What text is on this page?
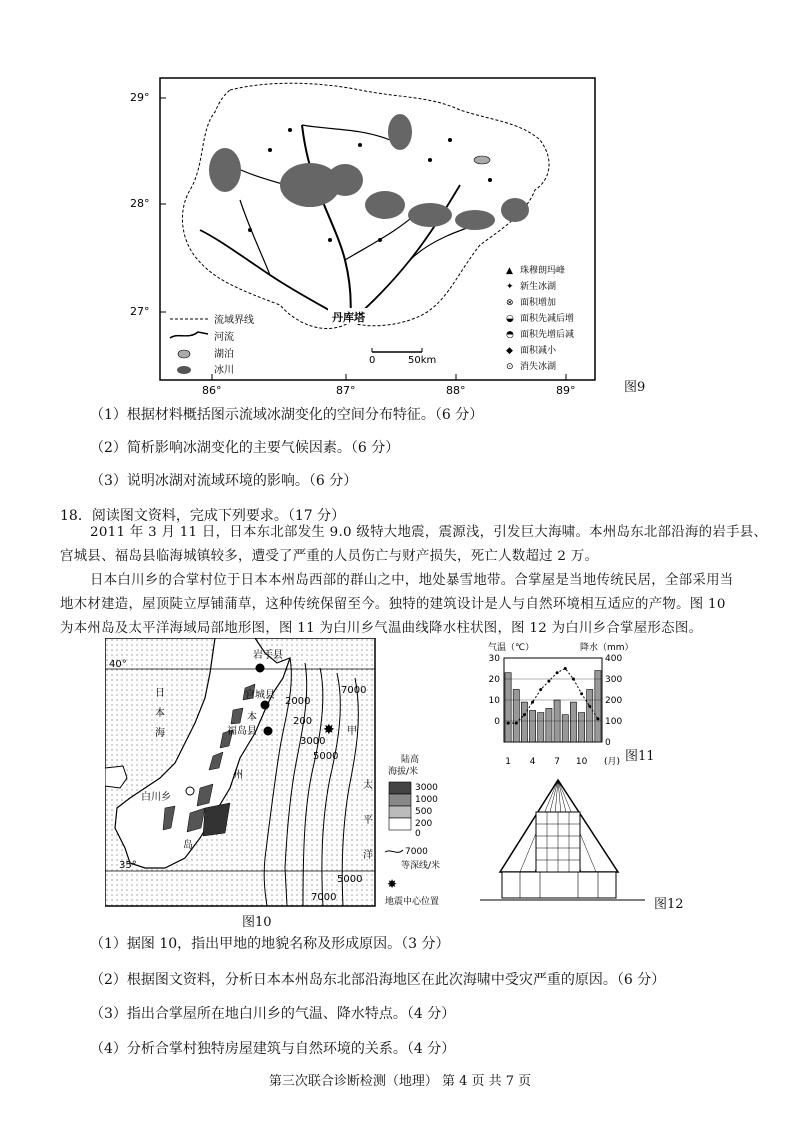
29°
28°
27°
86°	87°	88°	89°
丹库塔
0	50km
流域界线
河流
湖泊
冰川
▲ 珠穆朗玛峰
✦ 新生冰湖
⊗ 面积增加
◒ 面积先减后增
◓ 面积先增后减
◆ 面积减小
⊙ 消失冰湖
图9
（1）根据材料概括图示流域冰湖变化的空间分布特征。（6 分）
（2）简析影响冰湖变化的主要气候因素。（6 分）
（3）说明冰湖对流域环境的影响。（6 分）
18．阅读图文资料，完成下列要求。（17 分）
2011 年 3 月 11 日，日本东北部发生 9.0 级特大地震，震源浅，引发巨大海啸。本州岛东北部沿海的岩手县、
宫城县、福岛县临海城镇较多，遭受了严重的人员伤亡与财产损失，死亡人数超过 2 万。
日本白川乡的合掌村位于日本本州岛西部的群山之中，地处暴雪地带。合掌屋是当地传统民居，全部采用当
地木材建造，屋顶陡立厚铺蒲草，这种传统保留至今。独特的建筑设计是人与自然环境相互适应的产物。图 10
为本州岛及太平洋海域局部地形图，图 11 为白川乡气温曲线降水柱状图，图 12 为白川乡合掌屋形态图。
40°
35°
✸
岩手县
宫城县
福岛县
白川乡
日
本
海
本
州
岛
太
平
洋
甲
7000
2000
200
3000
5000
5000
7000
陆高
海拔/米
3000
1000
500
200
0
7000
等深线/米
✸
地震中心位置
图10
气温（℃）	降水（mm）
30
20
10
0
400
300
200
100
0
1 4 7 10 (月) 图11
图12
（1）据图 10，指出甲地的地貌名称及形成原因。（3 分）
（2）根据图文资料，分析日本本州岛东北部沿海地区在此次海啸中受灾严重的原因。（6 分）
（3）指出合掌屋所在地白川乡的气温、降水特点。（4 分）
（4）分析合掌村独特房屋建筑与自然环境的关系。（4 分）
第三次联合诊断检测（地理） 第 4 页 共 7 页
